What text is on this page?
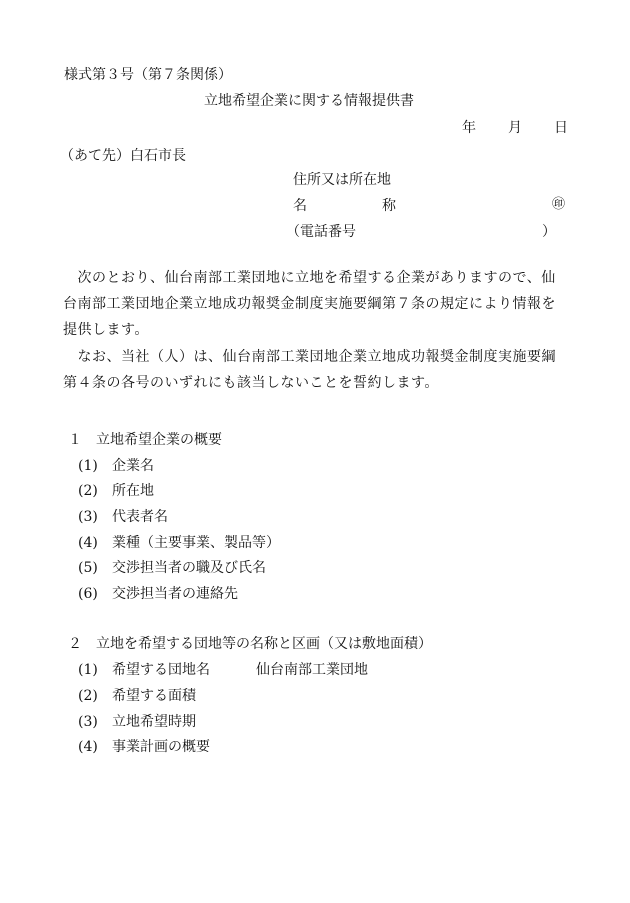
様式第３号（第７条関係）
立地希望企業に関する情報提供書
年 月 日
（あて先）白石市長
住所又は所在地
名	称	㊞
（電話番号	）
　次のとおり、仙台南部工業団地に立地を希望する企業がありますので、仙
台南部工業団地企業立地成功報奨金制度実施要綱第７条の規定により情報を
提供します。
　なお、当社（人）は、仙台南部工業団地企業立地成功報奨金制度実施要綱
第４条の各号のいずれにも該当しないことを誓約します。
１ 立地希望企業の概要
(1) 企業名
(2) 所在地
(3) 代表者名
(4) 業種（主要事業、製品等）
(5) 交渉担当者の職及び氏名
(6) 交渉担当者の連絡先
２ 立地を希望する団地等の名称と区画（又は敷地面積）
(1) 希望する団地名	仙台南部工業団地
(2) 希望する面積
(3) 立地希望時期
(4) 事業計画の概要
